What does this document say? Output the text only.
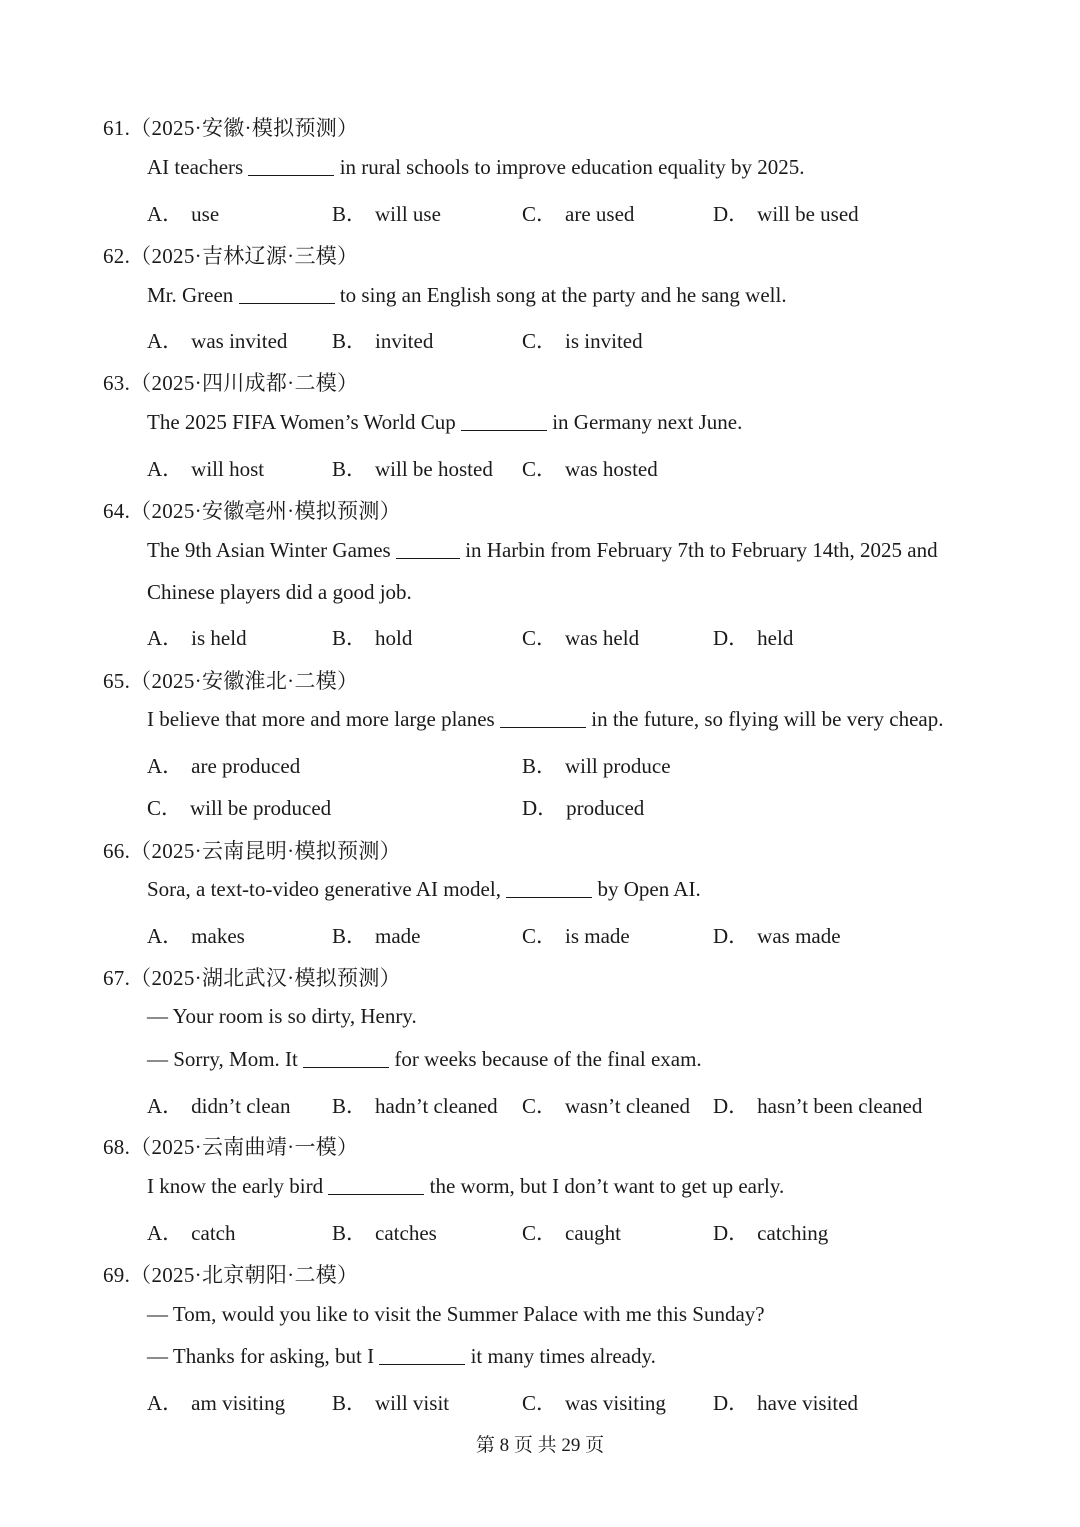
61.（2025·安徽·模拟预测）
AI teachers	in rural schools to improve education equality by 2025.
A． use	B． will use	C． are used	D． will be used
62.（2025·吉林辽源·三模）
Mr. Green	to sing an English song at the party and he sang well.
A． was invited B． invited	C． is invited
63.（2025·四川成都·二模）
The 2025 FIFA Women’s World Cup	in Germany next June.
A． will host	B． will be hosted C． was hosted
64.（2025·安徽亳州·模拟预测）
The 9th Asian Winter Games	in Harbin from February 7th to February 14th, 2025 and
Chinese players did a good job.
A． is held	B． hold	C． was held	D． held
65.（2025·安徽淮北·二模）
I believe that more and more large planes	in the future, so flying will be very cheap.
A． are produced	B． will produce
C． will be produced	D． produced
66.（2025·云南昆明·模拟预测）
Sora, a text-to-video generative AI model,	by Open AI.
A． makes	B． made	C． is made	D． was made
67.（2025·湖北武汉·模拟预测）
— Your room is so dirty, Henry.
— Sorry, Mom. It	for weeks because of the final exam.
A． didn’t clean B． hadn’t cleaned C． wasn’t cleaned D． hasn’t been cleaned
68.（2025·云南曲靖·一模）
I know the early bird	the worm, but I don’t want to get up early.
A． catch	B． catches	C． caught	D． catching
69.（2025·北京朝阳·二模）
— Tom, would you like to visit the Summer Palace with me this Sunday?
— Thanks for asking, but I	it many times already.
A． am visiting B． will visit	C． was visiting D． have visited
第 8 页 共 29 页
